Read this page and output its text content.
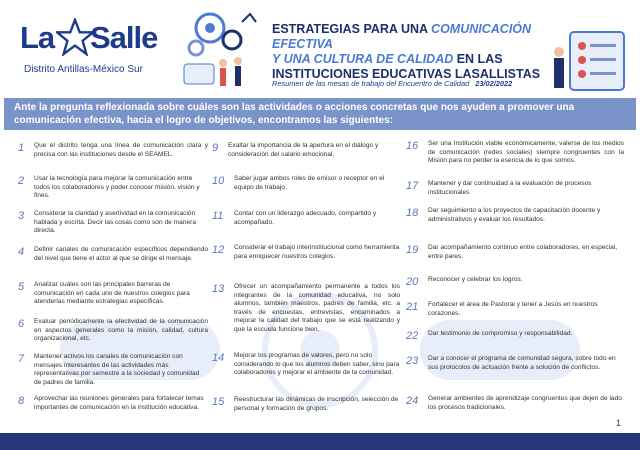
La Salle
Distrito Antillas-México Sur
ESTRATEGIAS PARA UNA COMUNICACIÓN EFECTIVA
Y UNA CULTURA DE CALIDAD EN LAS INSTITUCIONES EDUCATIVAS LASALLISTAS
Resumen de las mesas de trabajo del Encuentro de Calidad 23/02/2022
Ante la pregunta reflexionada sobre cuáles son las actividades o acciones concretas que nos ayuden a promover una comunicación efectiva, hacia el logro de objetivos, encontramos las siguientes:
1	Que el distrito tenga una línea de comunicación clara y precisa con las instituciones desde el SEAMEL.
2	Usar la tecnología para mejorar la comunicación entre todos los colaboradores y poder conocer misión, visión y fines.
3	Considerar la claridad y asertividad en la comunicación hablada y escrita. Decir las cosas como son de manera directa.
4	Definir canales de comunicación específicos dependiendo del nivel que tiene el actor al que se dirige el mensaje.
5	Analizar cuáles son las principales barreras de comunicación en cada uno de nuestros colegios para atenderlas mediante estrategias específicas.
6	Evaluar periódicamente la efectividad de la comunicación en aspectos generales como la misión, calidad, cultura organizacional, etc.
7	Mantener activos los canales de comunicación con mensajes interesantes de las actividades más representativas por semestre a la sociedad y comunidad de padres de familia.
8	Aprovechar las reuniones generales para fortalecer temas importantes de comunicación en la institución educativa.
9	Exaltar la importancia de la apertura en el diálogo y consideración del salario emocional.
10	Saber jugar ambos roles de emisor o receptor en el equipo de trabajo.
11	Contar con un liderazgo adecuado, compartido y acompañado.
12	Considerar el trabajo interinstitucional como herramienta para enriquecer nuestros colegios.
13	Ofrecer un acompañamiento permanente a todos los integrantes de la comunidad educativa, no solo alumnos, también maestros, padres de familia, etc. a través de encuestas, entrevistas, encaminados a mejorar la calidad del trabajo que se está realizando y que la escuela funcione bien.
14	Mejorar los programas de valores, pero no solo considerando lo que los alumnos deben saber, sino para colaboradores y mejorar el ambiente de la comunidad.
15	Reestructurar las dinámicas de inscripción, selección de personal y formación de grupos.
16	Ser una Institución viable económicamente, valerse de los medios de comunicación (redes sociales) siempre congruentes con la Misión para no perder la esencia de lo que somos.
17	Mantener y dar continuidad a la evaluación de procesos institucionales
18	Dar seguimiento a los proyectos de capacitación docente y administrativos y evaluar los resultados.
19	Dar acompañamiento continuo entre colaboradores, en especial, entre pares.
20	Reconocer y celebrar los logros.
21	Fortalecer el área de Pastoral y tener a Jesús en nuestros corazones.
22	Dar testimonio de compromiso y responsabilidad.
23	Dar a conocer el programa de comunidad segura, sobre todo en sus protocolos de actuación frente a solución de conflictos.
24	Generar ambientes de aprendizaje congruentes que dejen de lado los procesos tradicionales.
1
